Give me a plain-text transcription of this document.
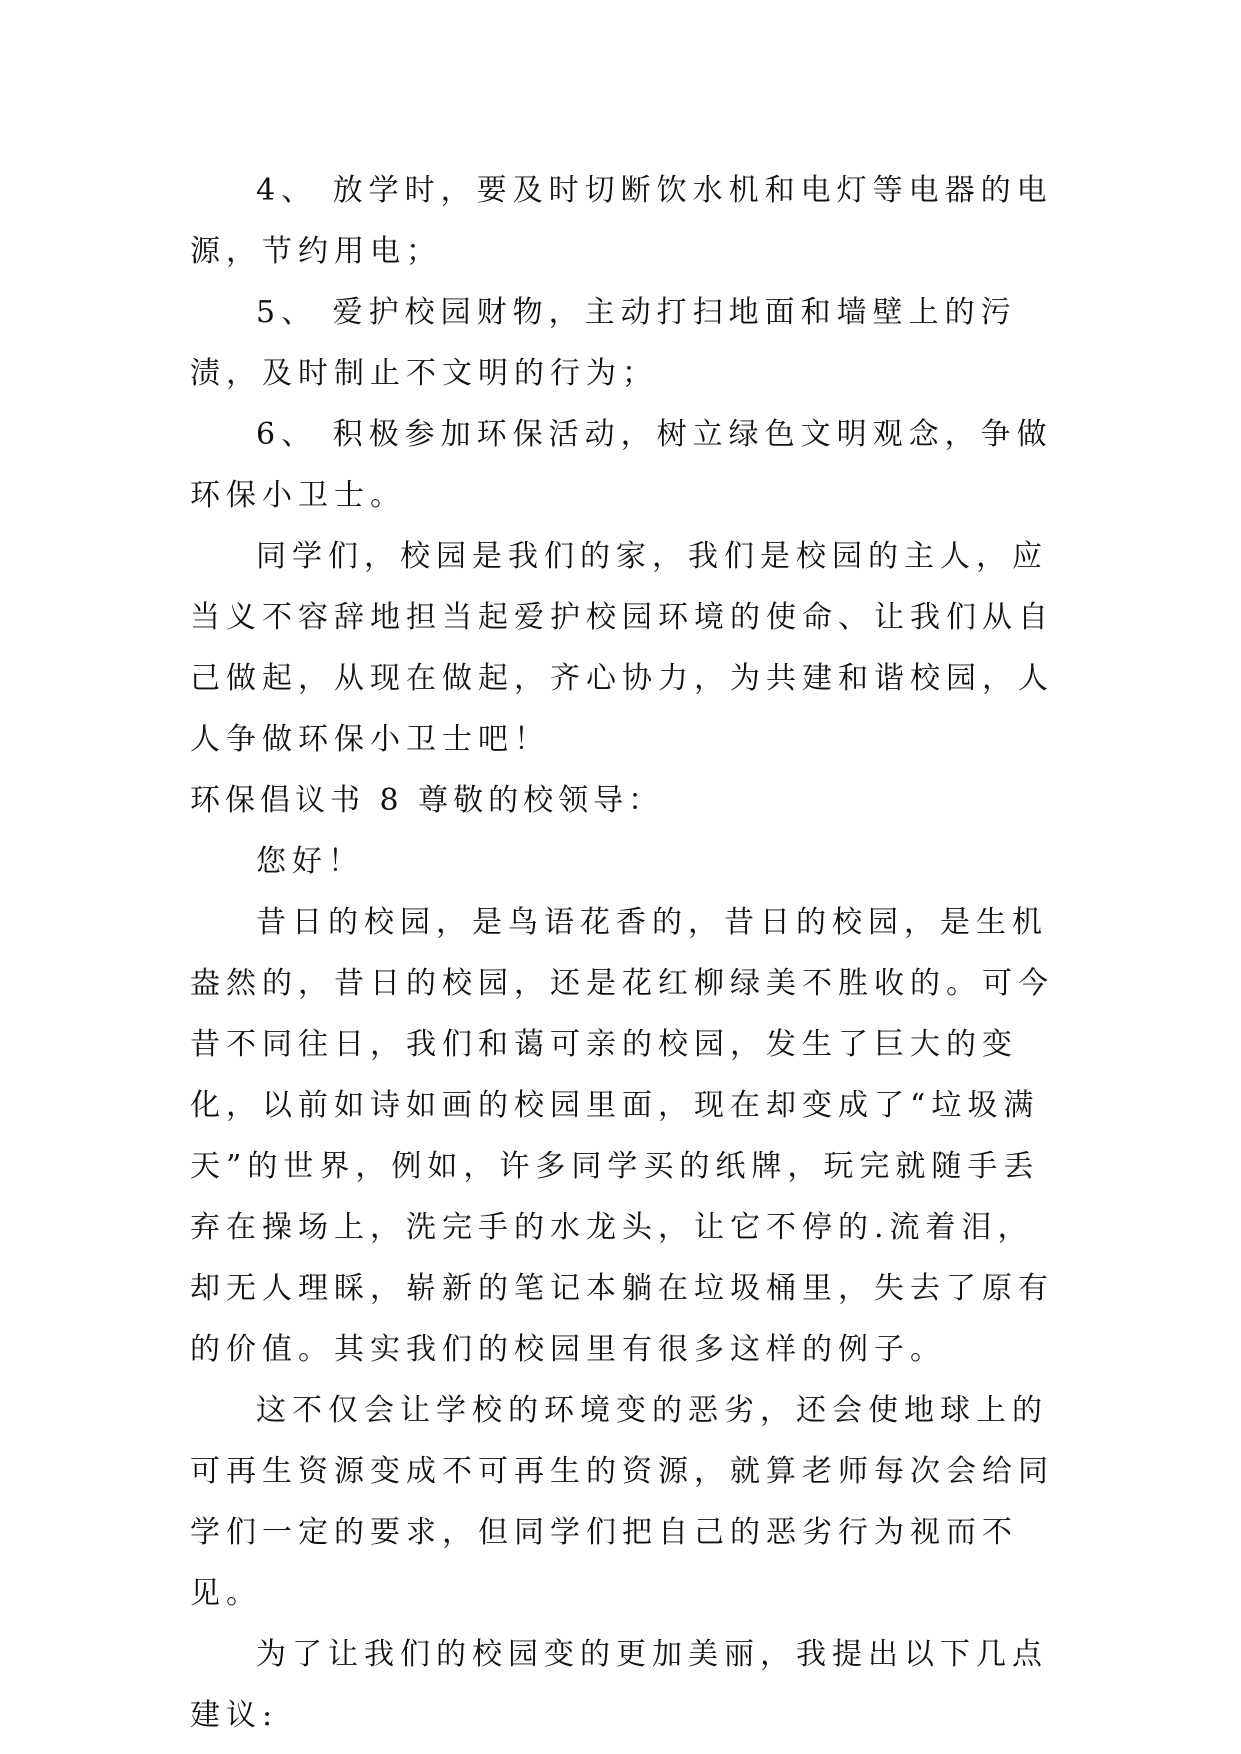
4、 放学时，要及时切断饮水机和电灯等电器的电源，节约用电；

5、 爱护校园财物，主动打扫地面和墙壁上的污渍，及时制止不文明的行为；

6、 积极参加环保活动，树立绿色文明观念，争做环保小卫士。

同学们，校园是我们的家，我们是校园的主人，应当义不容辞地担当起爱护校园环境的使命、让我们从自己做起，从现在做起，齐心协力，为共建和谐校园，人人争做环保小卫士吧！

环保倡议书 8 尊敬的校领导：

您好！

昔日的校园，是鸟语花香的，昔日的校园，是生机盎然的，昔日的校园，还是花红柳绿美不胜收的。可今昔不同往日，我们和蔼可亲的校园，发生了巨大的变化，以前如诗如画的校园里面，现在却变成了“垃圾满天”的世界，例如，许多同学买的纸牌，玩完就随手丢弃在操场上，洗完手的水龙头，让它不停的.流着泪，却无人理睬，崭新的笔记本躺在垃圾桶里，失去了原有的价值。其实我们的校园里有很多这样的例子。

这不仅会让学校的环境变的恶劣，还会使地球上的可再生资源变成不可再生的资源，就算老师每次会给同学们一定的要求，但同学们把自己的恶劣行为视而不见。

为了让我们的校园变的更加美丽，我提出以下几点建议:
